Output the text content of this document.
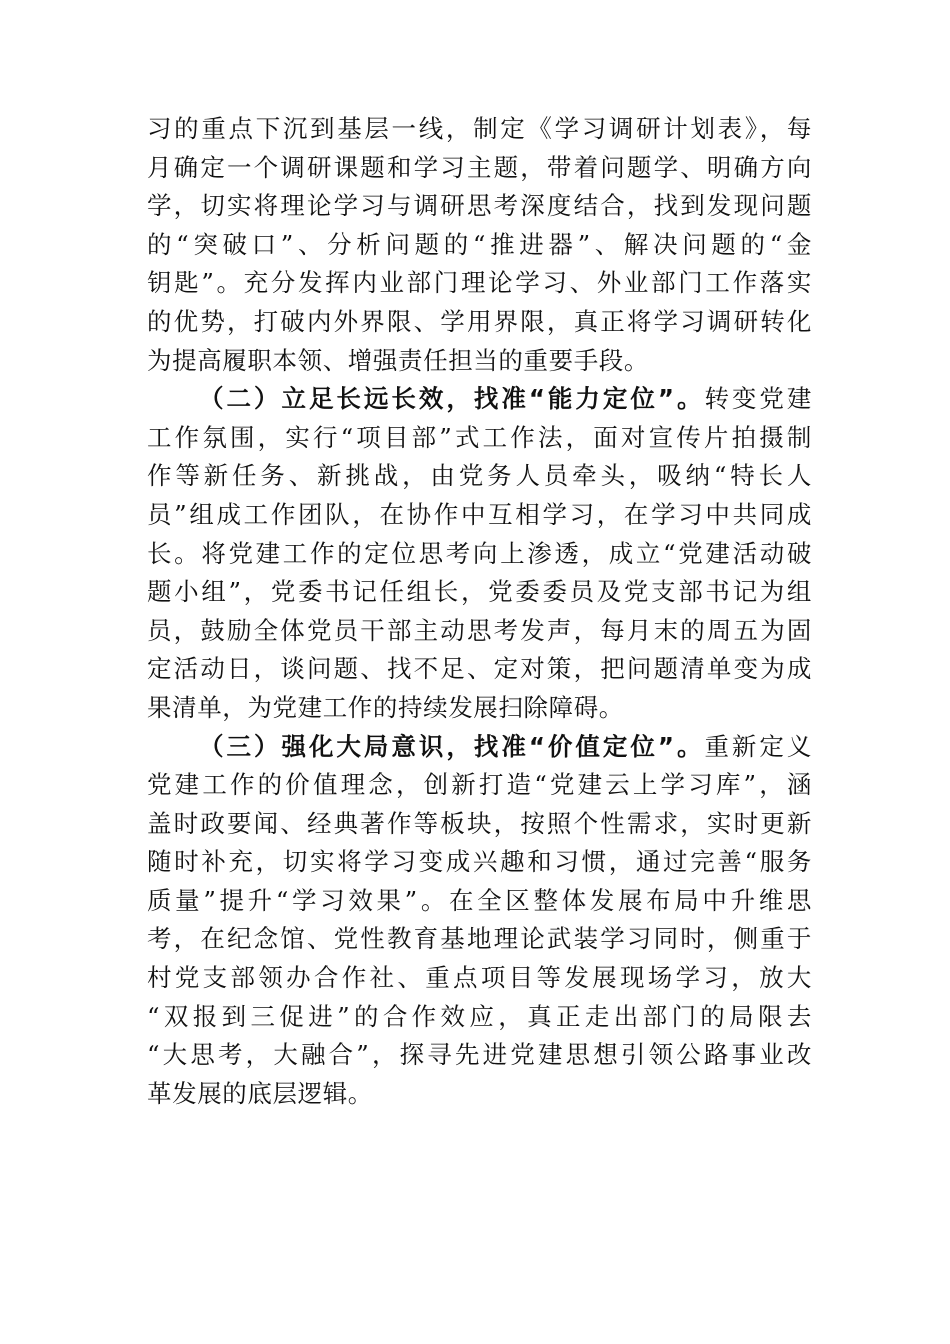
习的重点下沉到基层一线，制定《学习调研计划表》，每
月确定一个调研课题和学习主题，带着问题学、明确方向
学，切实将理论学习与调研思考深度结合，找到发现问题
的“突破口”、分析问题的“推进器”、解决问题的“金
钥匙”。充分发挥内业部门理论学习、外业部门工作落实
的优势，打破内外界限、学用界限，真正将学习调研转化
为提高履职本领、增强责任担当的重要手段。
（二）立足长远长效，找准“能力定位”。转变党建
工作氛围，实行“项目部”式工作法，面对宣传片拍摄制
作等新任务、新挑战，由党务人员牵头，吸纳“特长人
员”组成工作团队，在协作中互相学习，在学习中共同成
长。将党建工作的定位思考向上渗透，成立“党建活动破
题小组”，党委书记任组长，党委委员及党支部书记为组
员，鼓励全体党员干部主动思考发声，每月末的周五为固
定活动日，谈问题、找不足、定对策，把问题清单变为成
果清单，为党建工作的持续发展扫除障碍。
（三）强化大局意识，找准“价值定位”。重新定义
党建工作的价值理念，创新打造“党建云上学习库”，涵
盖时政要闻、经典著作等板块，按照个性需求，实时更新
随时补充，切实将学习变成兴趣和习惯，通过完善“服务
质量”提升“学习效果”。在全区整体发展布局中升维思
考，在纪念馆、党性教育基地理论武装学习同时，侧重于
村党支部领办合作社、重点项目等发展现场学习，放大
“双报到三促进”的合作效应，真正走出部门的局限去
“大思考，大融合”，探寻先进党建思想引领公路事业改
革发展的底层逻辑。
